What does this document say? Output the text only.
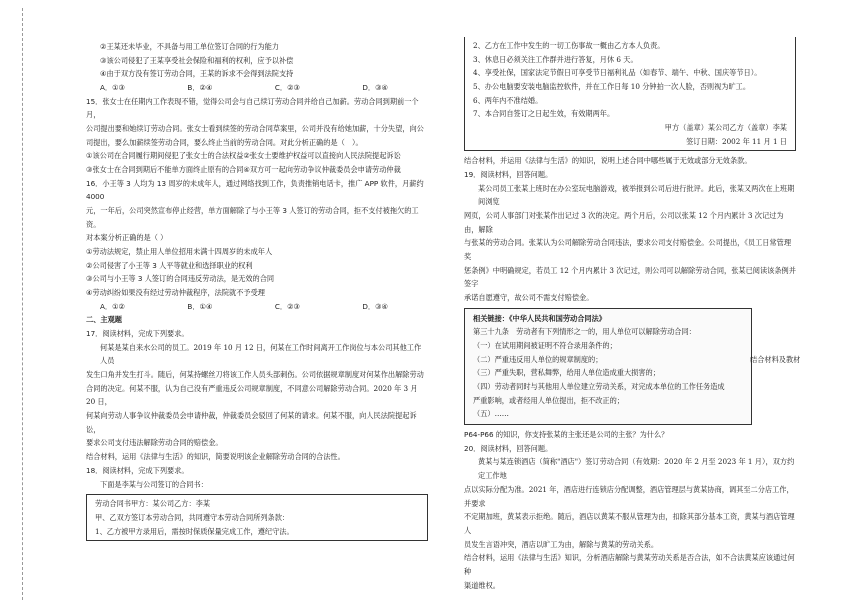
②王某还未毕业，不具备与用工单位签订合同的行为能力

③该公司侵犯了王某享受社会保险和福利的权利，应予以补偿

④由于双方没有签订劳动合同，王某的诉求不会得到法院支持

A．①③	B．②④	C．②③	D．③④

15．张女士在任期内工作表现不错，觉得公司会与自己续订劳动合同并给自己加薪。劳动合同到期前一个月，

公司提出要和她续订劳动合同。张女士看到续签的劳动合同草案里，公司并没有给她加薪，十分失望，向公

司提出，要么加薪续签劳动合同，要么终止当前的劳动合同。对此分析正确的是（　）。

①该公司在合同履行期间侵犯了张女士的合法权益②张女士要维护权益可以直接向人民法院提起诉讼

③张女士在合同到期后不能单方面终止原有的合同④双方可一起向劳动争议仲裁委员会申请劳动仲裁

16．小王等 3 人均为 13 周岁的未成年人，通过网络找到工作，负责推销电话卡，推广 APP 软件，月薪约 4000

元，一年后，公司突然宣布停止经营，单方面解除了与小王等 3 人签订的劳动合同，拒不支付被拖欠的工资。

对本案分析正确的是（ ）

①劳动法规定，禁止用人单位招用未满十四周岁的未成年人

②公司侵害了小王等 3 人平等就业和选择职业的权利

③公司与小王等 3 人签订的合同违反劳动法，是无效的合同

④劳动纠纷如果没有经过劳动仲裁程序，法院就不予受理

A．①②	B．①④	C．②③	D．③④

二、主观题

17．阅读材料，完成下列要求。

何某是某自来水公司的员工。2019 年 10 月 12 日，何某在工作时间离开工作岗位与本公司其他工作人员

发生口角并发生打斗。随后，何某持螺丝刀将该工作人员头部刺伤。公司依据规章制度对何某作出解除劳动

合同的决定。何某不服，认为自己没有严重违反公司规章制度，不同意公司解除劳动合同。2020 年 3 月 20 日，

何某向劳动人事争议仲裁委员会申请仲裁，仲裁委员会驳回了何某的请求。何某不服，向人民法院提起诉讼，

要求公司支付违法解除劳动合同的赔偿金。

结合材料，运用《法律与生活》的知识，简要说明该企业解除劳动合同的合法性。

18．阅读材料，完成下列要求。

下面是李某与公司签订的合同书：

劳动合同书甲方：某公司乙方：李某

甲、乙双方签订本劳动合同，共同遵守本劳动合同所列条款：

1、乙方被甲方录用后，需按时保质保量完成工作，遵纪守法。

2、乙方在工作中发生的一切工伤事故一概由乙方本人负责。

3、休息日必须关注工作群并进行答复，月休 6 天。

4、享受社保，国家法定节假日可享受节日福利礼品（如春节、端午、中秋、国庆等节日）。

5、办公电脑要安装电脑监控软件，并在工作日每 10 分钟拍一次人脸，否则视为旷工。

6、两年内不准结婚。

7、本合同自签订之日起生效，有效期两年。

甲方（盖章）某公司乙方（盖章）李某

签订日期：2002 年 11 月 1 日

结合材料，并运用《法律与生活》的知识，说明上述合同中哪些属于无效或部分无效条款。

19．阅读材料，回答问题。

某公司员工张某上班时在办公室玩电脑游戏，被举报到公司后进行批评。此后，张某又两次在上班期间浏览

网页，公司人事部门对张某作出记过 3 次的决定。两个月后，公司以张某 12 个月内累计 3 次记过为由，解除

与张某的劳动合同。张某认为公司解除劳动合同违法，要求公司支付赔偿金。公司提出，《员工日常管理奖

惩条例》中明确规定，若员工 12 个月内累计 3 次记过，则公司可以解除劳动合同，张某已阅读该条例并签字

承诺自愿遵守，故公司不需支付赔偿金。

相关链接：《中华人民共和国劳动合同法》

第三十九条　劳动者有下列情形之一的，用人单位可以解除劳动合同：

（一）在试用期间被证明不符合录用条件的；

（二）严重违反用人单位的规章制度的；

（三）严重失职，营私舞弊，给用人单位造成重大损害的；

（四）劳动者同时与其他用人单位建立劳动关系，对完成本单位的工作任务造成

严重影响，或者经用人单位提出，拒不改正的；

（五）……

P64-P66 的知识，你支持张某的主张还是公司的主张？为什么？

20．阅读材料，回答问题。

黄某与某连锁酒店（简称"酒店"）签订劳动合同（有效期：2020 年 2 月至 2023 年 1 月），双方约定工作地

点以实际分配为准。2021 年，酒店进行连锁店分配调整，酒店管理层与黄某协商，调其至二分店工作，并要求

不定期加班，黄某表示拒绝。随后，酒店以黄某不服从管理为由，扣除其部分基本工资，黄某与酒店管理人

员发生言语冲突，酒店以旷工为由，解除与黄某的劳动关系。

结合材料，运用《法律与生活》知识，分析酒店解除与黄某劳动关系是否合法，如不合法黄某应该通过何种

渠道维权。

结合材料及教材
